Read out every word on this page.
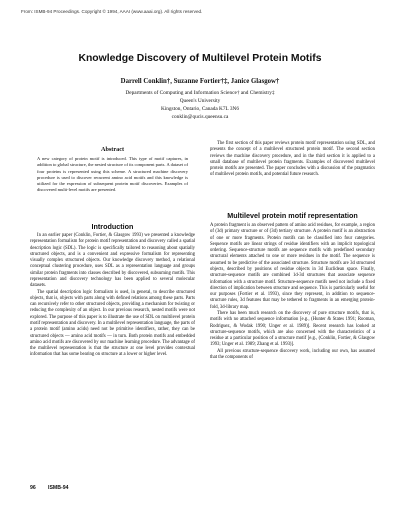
From: ISMB-94 Proceedings. Copyright © 1994, AAAI (www.aaai.org). All rights reserved.
Knowledge Discovery of Multilevel Protein Motifs
Darrell Conklin†, Suzanne Fortier†‡, Janice Glasgow†
Departments of Computing and Information Science† and Chemistry‡
Queen's University
Kingston, Ontario, Canada K7L 3N6
conklin@qucis.queensu.ca
Abstract
A new category of protein motif is introduced. This type of motif captures, in addition to global structure, the nested structure of its component parts. A dataset of four proteins is represented using this scheme. A structured machine discovery procedure is used to discover recurrent amino acid motifs and this knowledge is utilized for the expression of subsequent protein motif discoveries. Examples of discovered multi-level motifs are presented.
Introduction

In an earlier paper (Conklin, Fortier, & Glasgow 1993) we presented a knowledge representation formalism for protein motif representation and discovery called a spatial description logic (SDL). The logic is specifically tailored to reasoning about spatially structured objects, and is a convenient and expressive formalism for representing visually complex structured objects. Our knowledge discovery method, a relational conceptual clustering procedure, uses SDL as a representation language and groups similar protein fragments into classes described by discovered, subsuming motifs. This representation and discovery technology has been applied to several molecular datasets.

The spatial description logic formalism is used, in general, to describe structured objects, that is, objects with parts along with defined relations among these parts. Parts can recursively refer to other structured objects, providing a mechanism for twisting or reducing the complexity of an object. In our previous research, nested motifs were not explored. The purpose of this paper is to illustrate the use of SDL on multilevel protein motif representation and discovery. In a multilevel representation language, the parts of a protein motif (amino acids) need not be primitive identifiers, rather, they can be structured objects — amino acid motifs — in turn. Both protein motifs and embedded amino acid motifs are discovered by our machine learning procedure. The advantage of the multilevel representation is that the structure at one level provides contextual information that has some bearing on structure at a lower or higher level.

The first section of this paper reviews protein motif representation using SDL, and presents the concept of a multilevel structured protein motif. The second section reviews the machine discovery procedure, and in the third section it is applied to a small database of multilevel protein fragments. Examples of discovered multilevel protein motifs are presented. The paper concludes with a discussion of the pragmatics of multilevel protein motifs, and potential future research.

Multilevel protein motif representation

A protein fragment is an observed pattern of amino acid residues, for example, a region of (3d) primary structure or of (3d) tertiary structure. A protein motif is an abstraction of one or more fragments. Protein motifs can be classified into four categories. Sequence motifs are linear strings of residue identifiers with an implicit topological ordering. Sequence-structure motifs are sequence motifs with predefined secondary structural elements attached to one or more residues in the motif. The sequence is assumed to be predictive of the associated structure. Structure motifs are 3d structured objects, described by positions of residue objects in 3d Euclidean space. Finally, structure-sequence motifs are combined 1d-3d structures that associate sequence information with a structure motif. Structure-sequence motifs need not include a fixed direction of implication between structure and sequence. This is particularly useful for our purposes (Fortier et al. 1993), since they represent, in addition to sequence-structure rules, 3d features that may be tethered to fragments in an emerging protein-fold, 3d-library map.

There has been much research on the discovery of pure structure motifs, that is, motifs with no attached sequence information [e.g., (Hunter & States 1991; Rooman, Rodriguez, & Wodak 1990; Unger et al. 1989)]. Recent research has looked at structure-sequence motifs, which are also concerned with the characteristics of a residue at a particular position of a structure motif [e.g., (Conklin, Fortier, & Glasgow 1993; Unger et al. 1989; Zhang et al. 1993)].

All previous structure-sequence discovery work, including our own, has assumed that the components of

96 ISMB-94
